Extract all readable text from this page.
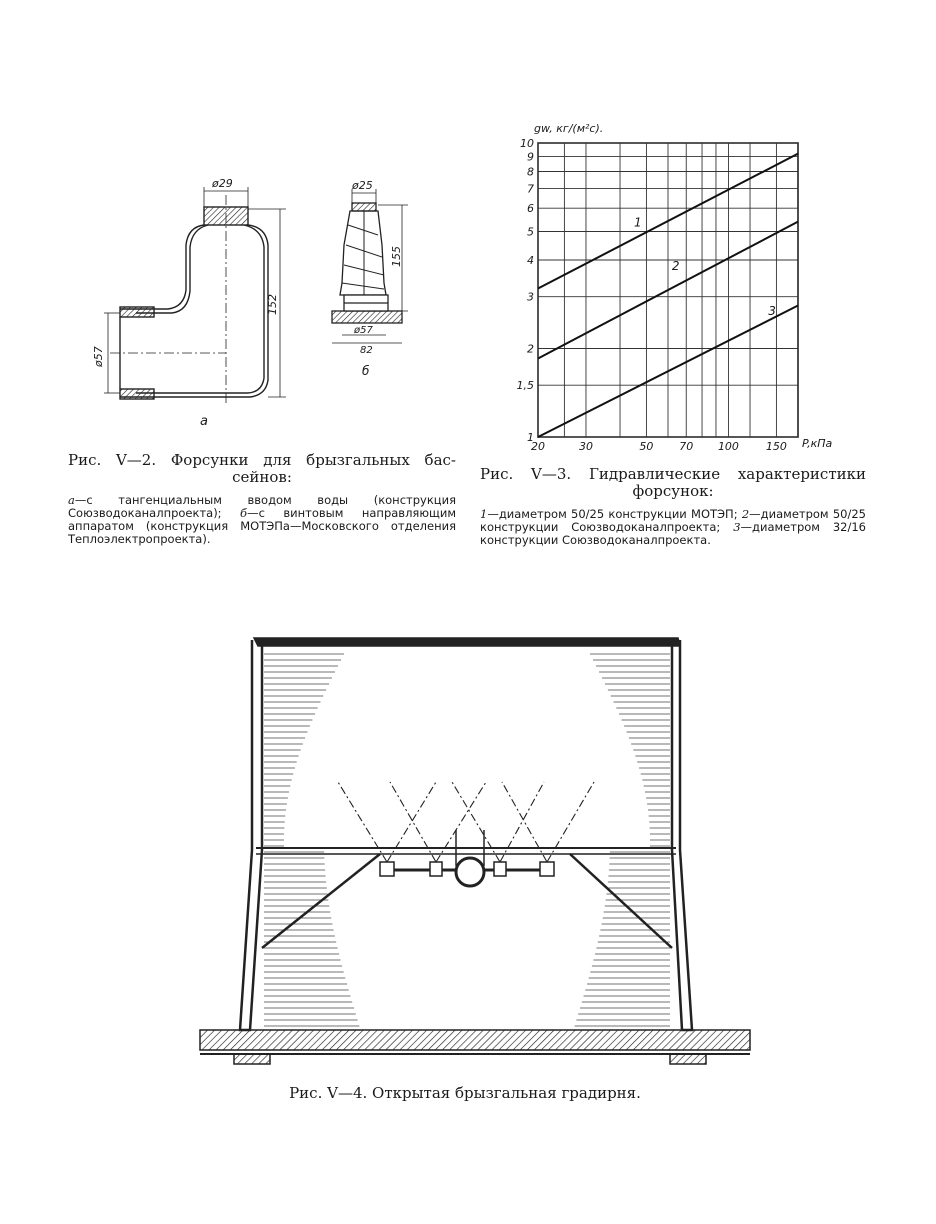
ø29
152
ø57
а
ø25
155
ø57
82
б
Рис. V—2. Форсунки для брызгальных бас-
сейнов:
а—с тангенциальным вводом воды (конструкция Союзводоканалпроекта); б—с винтовым направляющим аппаратом (конструкция МОТЭПа—Московского отделения Теплоэлектропроекта).
20	30	50 70 100 150
1
1,5
2
3
4
5
6
7
8
9
10
1
2
3
gw, кг/(м²с).
P,кПа
Рис. V—3. Гидравлические характеристики
форсунок:
1—диаметром 50/25 конструкции МОТЭП; 2—диаметром 50/25 конструкции Союзводоканалпроекта; 3—диаметром 32/16 конструкции Союзводоканалпроекта.
Рис. V—4. Открытая брызгальная градирня.
